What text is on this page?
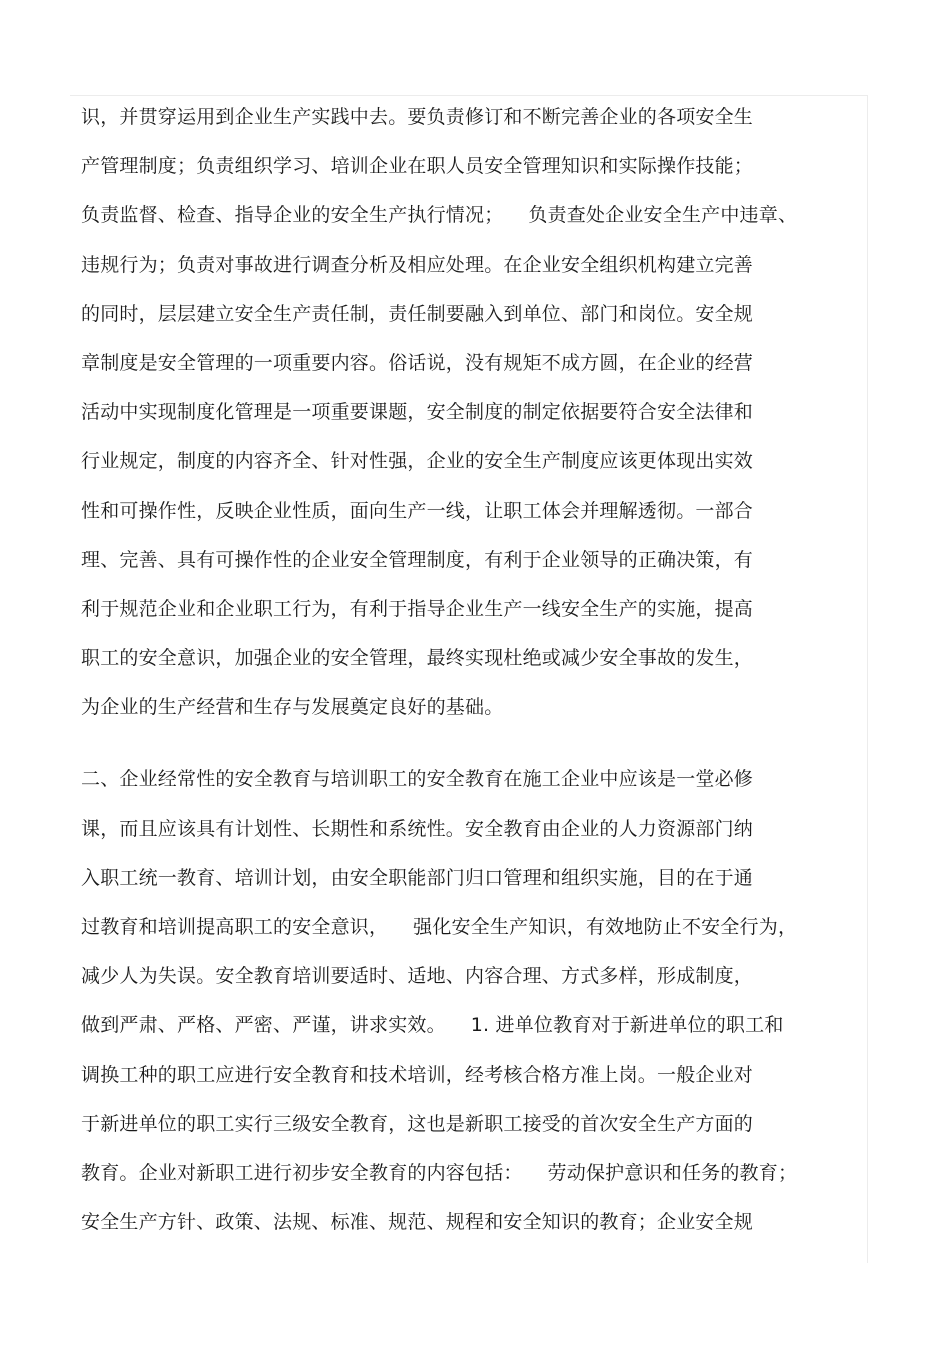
识，并贯穿运用到企业生产实践中去。要负责修订和不断完善企业的各项安全生
产管理制度；负责组织学习、培训企业在职人员安全管理知识和实际操作技能；
负责监督、检查、指导企业的安全生产执行情况；    负责查处企业安全生产中违章、
违规行为；负责对事故进行调查分析及相应处理。在企业安全组织机构建立完善
的同时，层层建立安全生产责任制，责任制要融入到单位、部门和岗位。安全规
章制度是安全管理的一项重要内容。俗话说，没有规矩不成方圆，在企业的经营
活动中实现制度化管理是一项重要课题，安全制度的制定依据要符合安全法律和
行业规定，制度的内容齐全、针对性强，企业的安全生产制度应该更体现出实效
性和可操作性，反映企业性质，面向生产一线，让职工体会并理解透彻。一部合
理、完善、具有可操作性的企业安全管理制度，有利于企业领导的正确决策，有
利于规范企业和企业职工行为，有利于指导企业生产一线安全生产的实施，提高
职工的安全意识，加强企业的安全管理，最终实现杜绝或减少安全事故的发生，
为企业的生产经营和生存与发展奠定良好的基础。
二、企业经常性的安全教育与培训职工的安全教育在施工企业中应该是一堂必修
课，而且应该具有计划性、长期性和系统性。安全教育由企业的人力资源部门纳
入职工统一教育、培训计划，由安全职能部门归口管理和组织实施，目的在于通
过教育和培训提高职工的安全意识，    强化安全生产知识，有效地防止不安全行为，
减少人为失误。安全教育培训要适时、适地、内容合理、方式多样，形成制度，
做到严肃、严格、严密、严谨，讲求实效。    1. 进单位教育对于新进单位的职工和
调换工种的职工应进行安全教育和技术培训，经考核合格方准上岗。一般企业对
于新进单位的职工实行三级安全教育，这也是新职工接受的首次安全生产方面的
教育。企业对新职工进行初步安全教育的内容包括：    劳动保护意识和任务的教育；
安全生产方针、政策、法规、标准、规范、规程和安全知识的教育；企业安全规
